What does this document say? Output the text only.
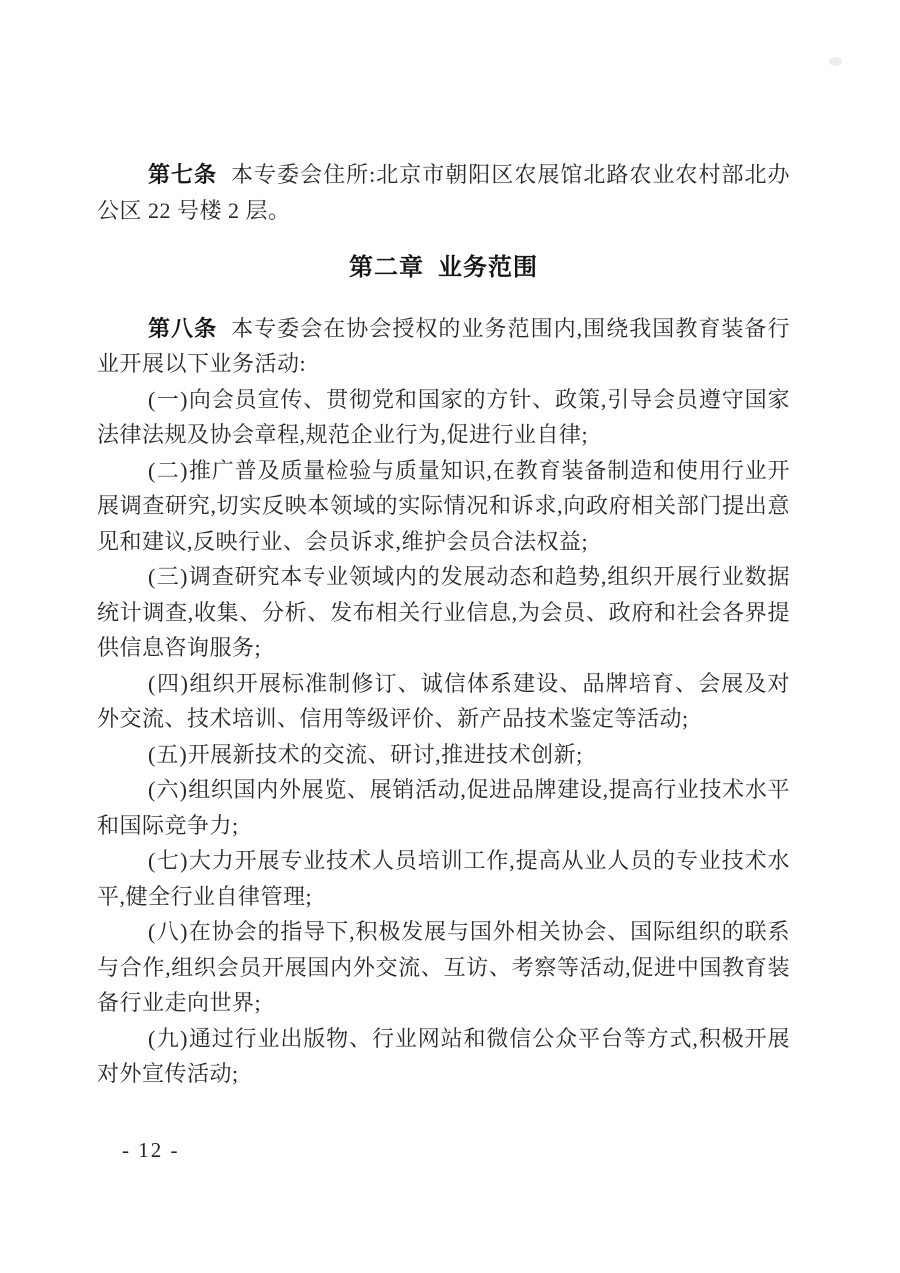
第七条 本专委会住所:北京市朝阳区农展馆北路农业农村部北办公区 22 号楼 2 层。

第二章 业务范围

第八条 本专委会在协会授权的业务范围内,围绕我国教育装备行业开展以下业务活动:

(一)向会员宣传、贯彻党和国家的方针、政策,引导会员遵守国家法律法规及协会章程,规范企业行为,促进行业自律;

(二)推广普及质量检验与质量知识,在教育装备制造和使用行业开展调查研究,切实反映本领域的实际情况和诉求,向政府相关部门提出意见和建议,反映行业、会员诉求,维护会员合法权益;

(三)调查研究本专业领域内的发展动态和趋势,组织开展行业数据统计调查,收集、分析、发布相关行业信息,为会员、政府和社会各界提供信息咨询服务;

(四)组织开展标准制修订、诚信体系建设、品牌培育、会展及对外交流、技术培训、信用等级评价、新产品技术鉴定等活动;

(五)开展新技术的交流、研讨,推进技术创新;

(六)组织国内外展览、展销活动,促进品牌建设,提高行业技术水平和国际竞争力;

(七)大力开展专业技术人员培训工作,提高从业人员的专业技术水平,健全行业自律管理;

(八)在协会的指导下,积极发展与国外相关协会、国际组织的联系与合作,组织会员开展国内外交流、互访、考察等活动,促进中国教育装备行业走向世界;

(九)通过行业出版物、行业网站和微信公众平台等方式,积极开展对外宣传活动;

- 12 -
